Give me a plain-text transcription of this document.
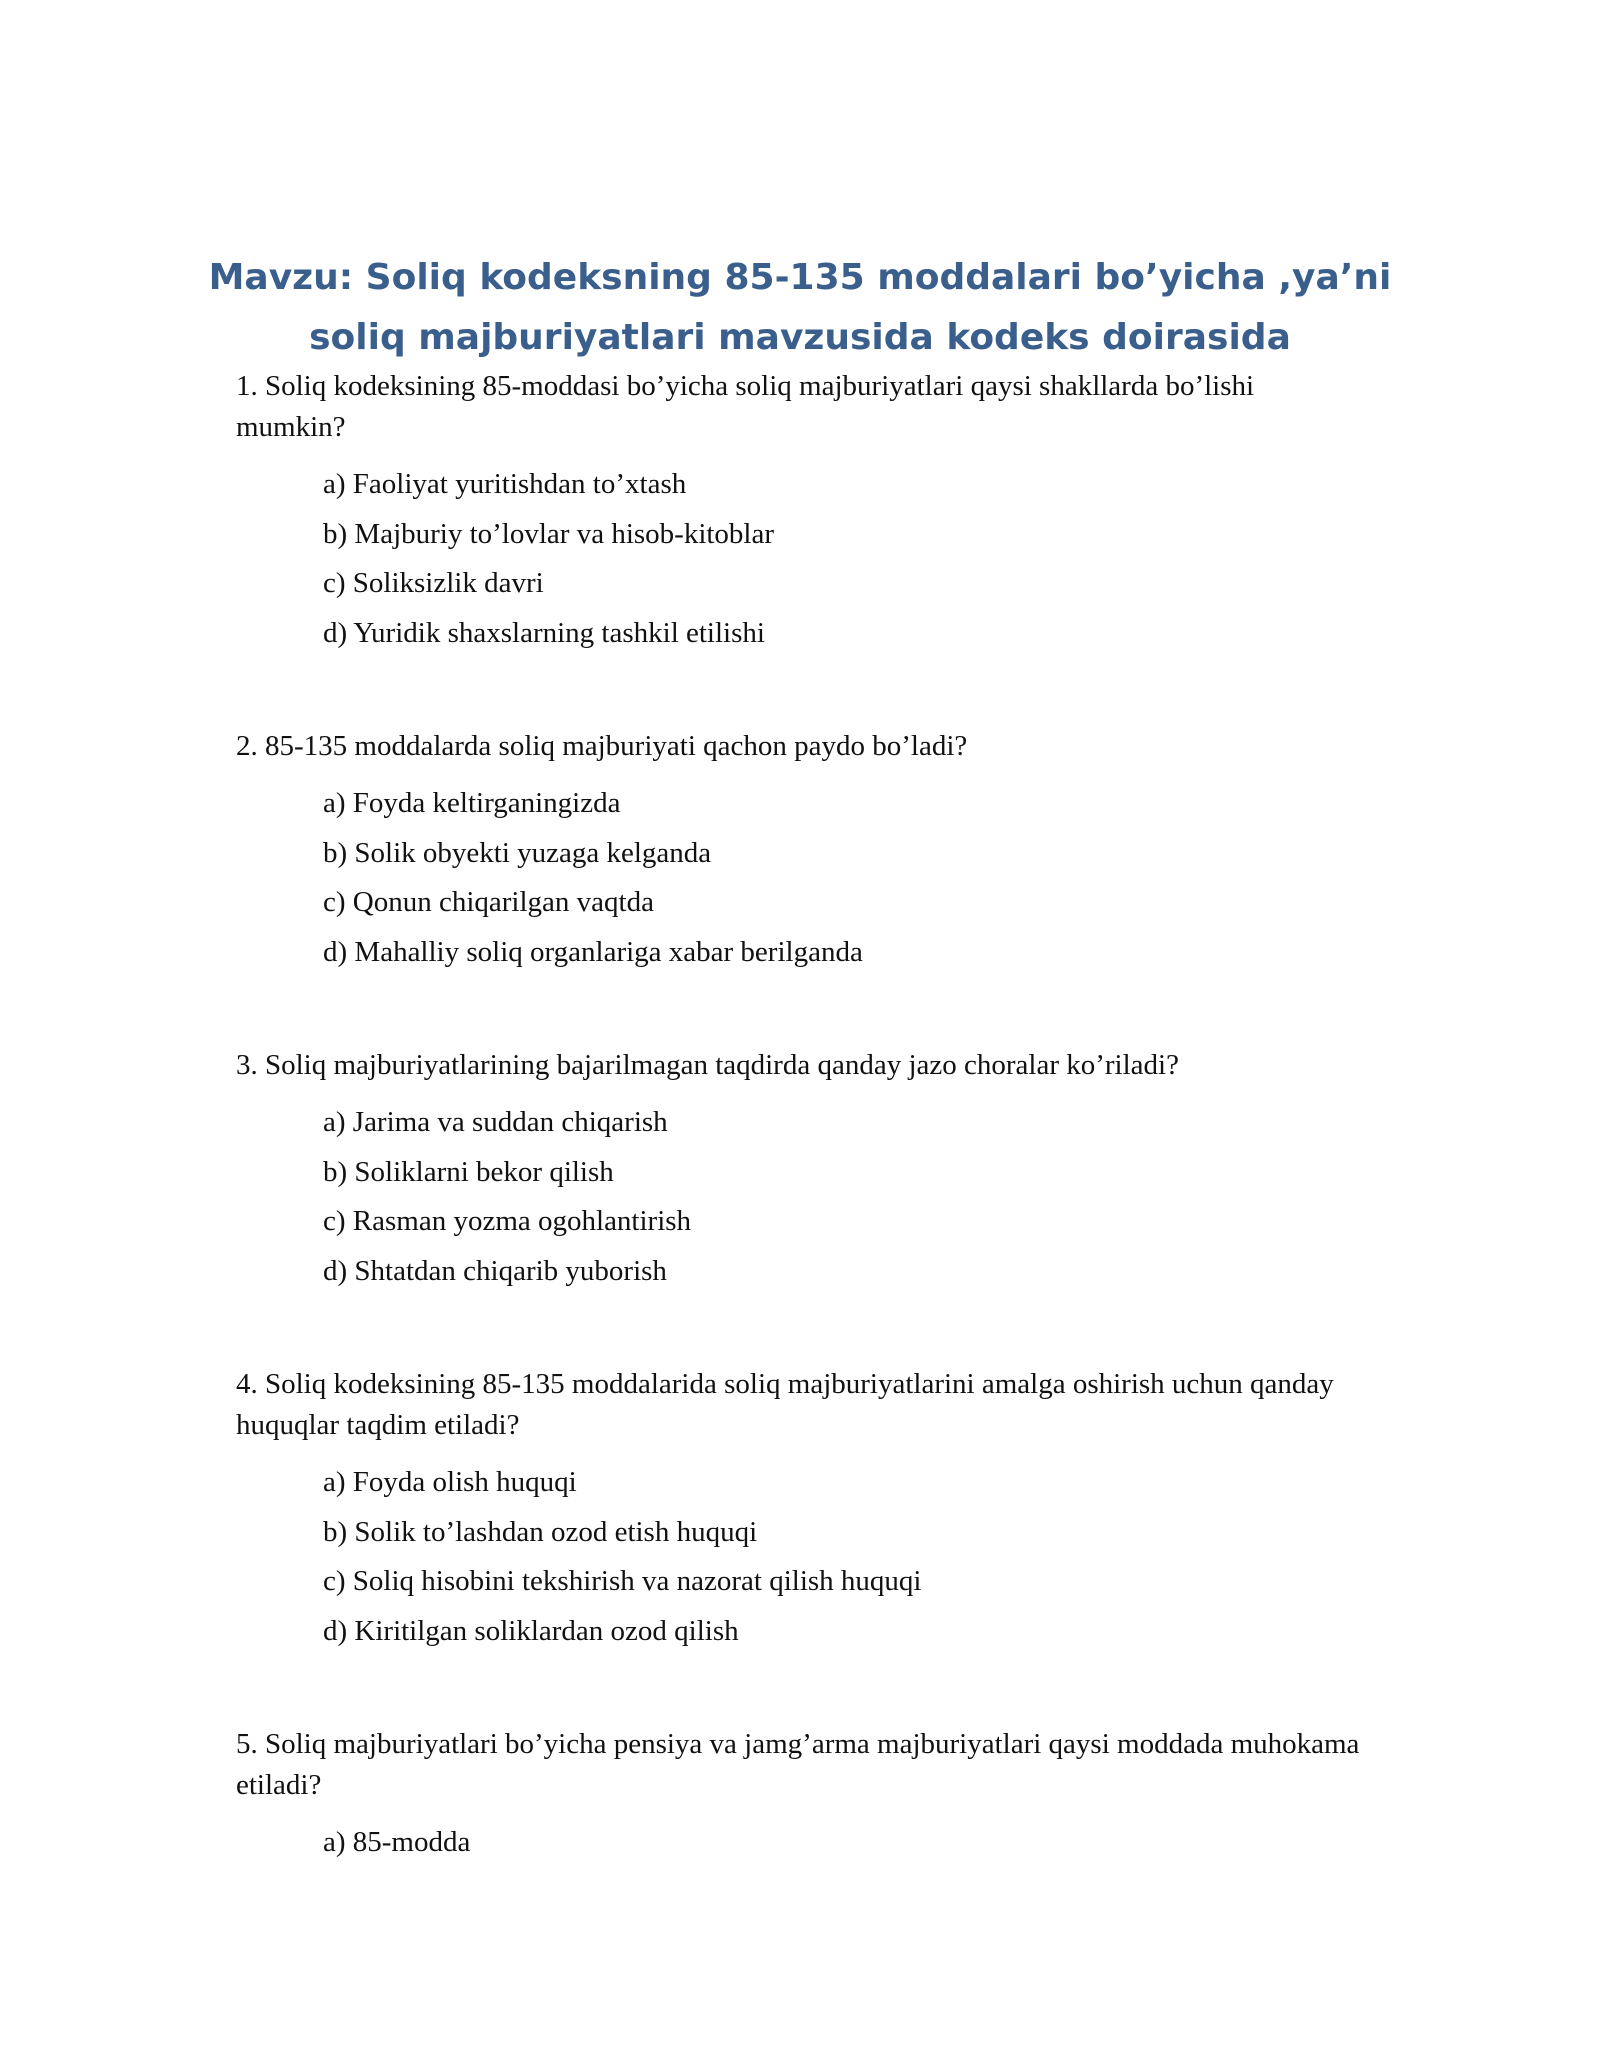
Mavzu: Soliq kodeksning 85-135 moddalari bo’yicha ,ya’ni soliq majburiyatlari mavzusida kodeks doirasida

1. Soliq kodeksining 85-moddasi bo’yicha soliq majburiyatlari qaysi shakllarda bo’lishi mumkin?

a) Faoliyat yuritishdan to’xtash
b) Majburiy to’lovlar va hisob-kitoblar
c) Soliksizlik davri
d) Yuridik shaxslarning tashkil etilishi

2. 85-135 moddalarda soliq majburiyati qachon paydo bo’ladi?

a) Foyda keltirganingizda
b) Solik obyekti yuzaga kelganda
c) Qonun chiqarilgan vaqtda
d) Mahalliy soliq organlariga xabar berilganda

3. Soliq majburiyatlarining bajarilmagan taqdirda qanday jazo choralar ko’riladi?

a) Jarima va suddan chiqarish
b) Soliklarni bekor qilish
c) Rasman yozma ogohlantirish
d) Shtatdan chiqarib yuborish

4. Soliq kodeksining 85-135 moddalarida soliq majburiyatlarini amalga oshirish uchun qanday huquqlar taqdim etiladi?

a) Foyda olish huquqi
b) Solik to’lashdan ozod etish huquqi
c) Soliq hisobini tekshirish va nazorat qilish huquqi
d) Kiritilgan soliklardan ozod qilish

5. Soliq majburiyatlari bo’yicha pensiya va jamg’arma majburiyatlari qaysi moddada muhokama etiladi?

a) 85-modda
